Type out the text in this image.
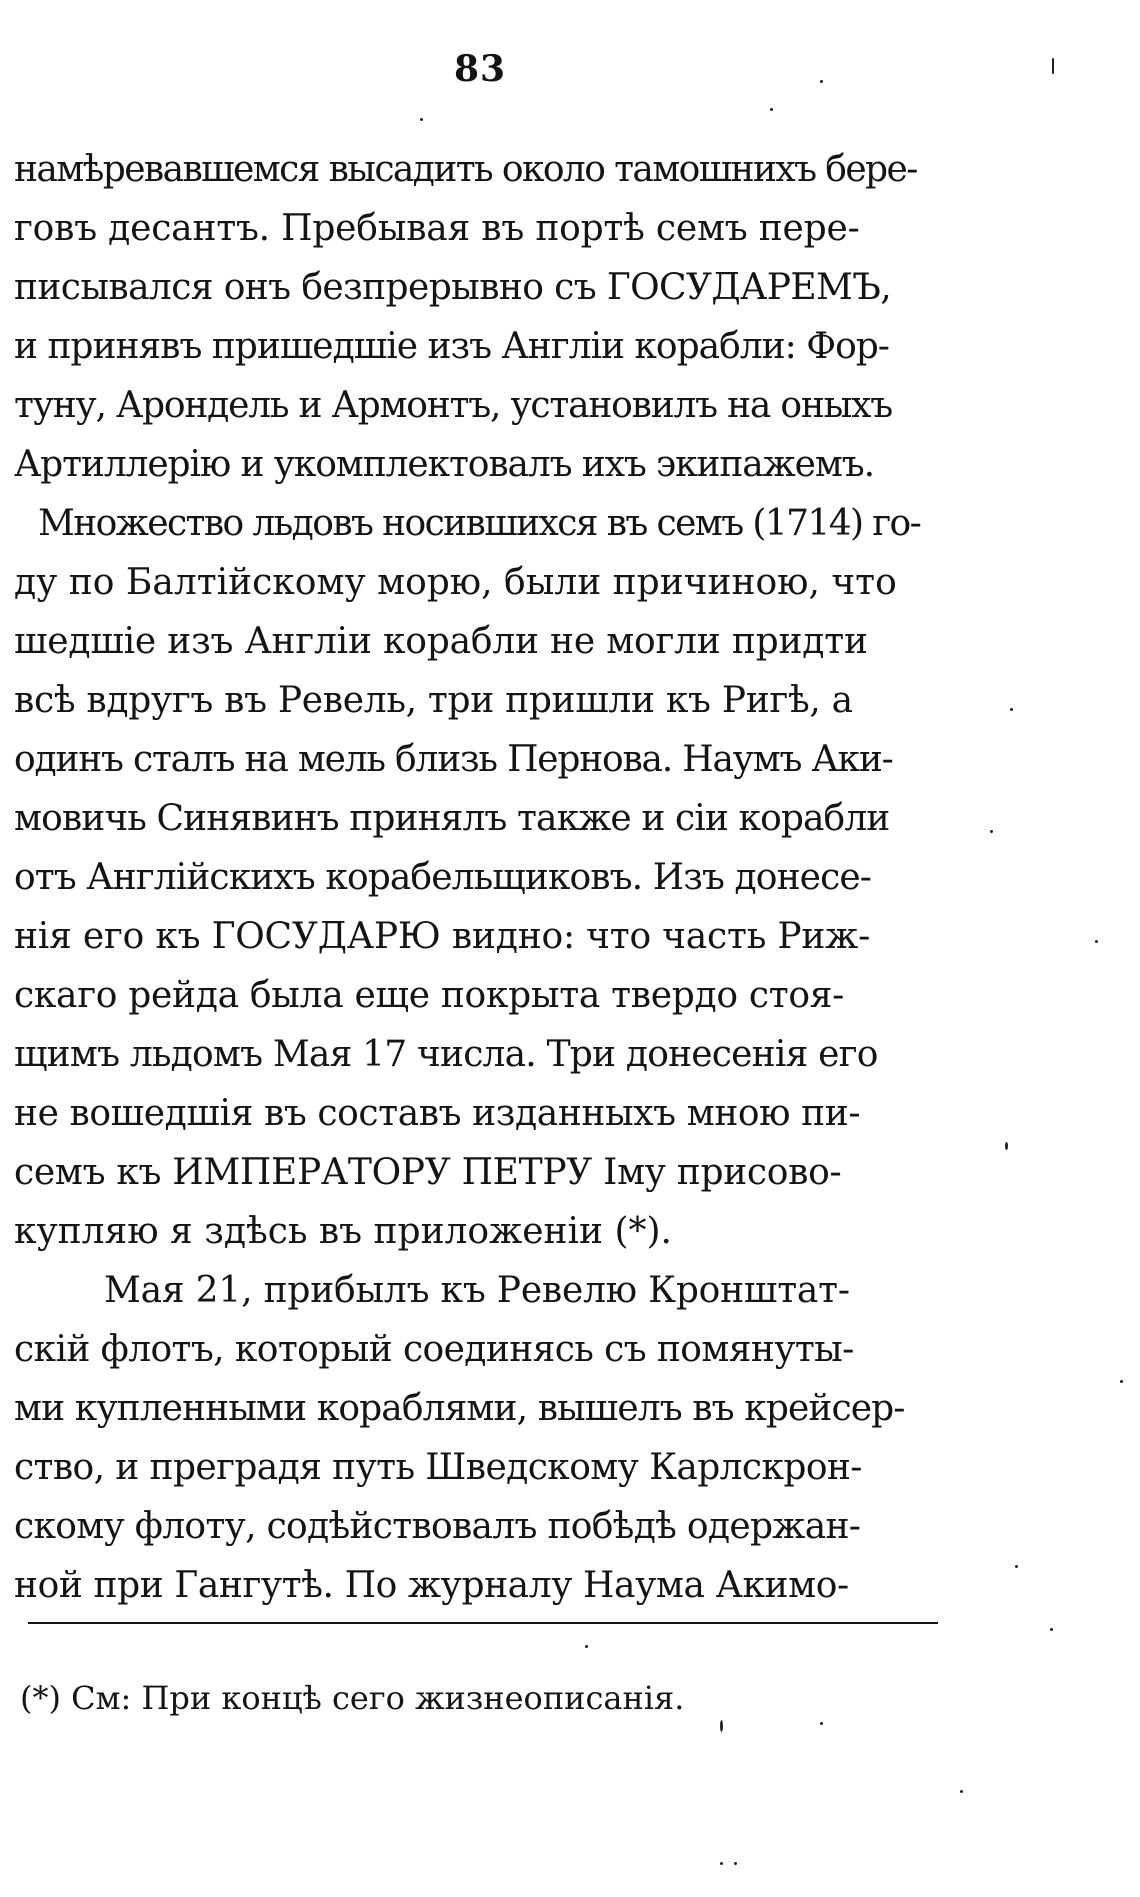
83
намѣревавшемся высадить около тамошнихъ бере-
говъ десантъ. Пребывая въ портѣ семъ пере-
писывался онъ безпрерывно съ ГОСУДАРЕМЪ,
и принявъ пришедшіе изъ Англіи корабли: Фор-
туну, Арондель и Армонтъ, установилъ на оныхъ
Артиллерію и укомплектовалъ ихъ экипажемъ.
Множество льдовъ носившихся въ семъ (1714) го-
ду по Балтійскому морю, были причиною, что
шедшіе изъ Англіи корабли не могли придти
всѣ вдругъ въ Ревель, три пришли къ Ригѣ, а
одинъ сталъ на мель близь Пернова. Наумъ Аки-
мовичь Синявинъ принялъ также и сіи корабли
отъ Англійскихъ корабельщиковъ. Изъ донесе-
нія его къ ГОСУДАРЮ видно: что часть Риж-
скаго рейда была еще покрыта твердо стоя-
щимъ льдомъ Мая 17 числа. Три донесенія его
не вошедшія въ составъ изданныхъ мною пи-
семъ къ ИМПЕРАТОРУ ПЕТРУ Iму присово-
купляю я здѣсь въ приложеніи (*).
Мая 21, прибылъ къ Ревелю Кронштат-
скій флотъ, который соединясь съ помянуты-
ми купленными кораблями, вышелъ въ крейсер-
ство, и преградя путь Шведскому Карлскрон-
скому флоту, содѣйствовалъ побѣдѣ одержан-
ной при Гангутѣ. По журналу Наума Акимо-
(*) См: При концѣ сего жизнеописанія.
